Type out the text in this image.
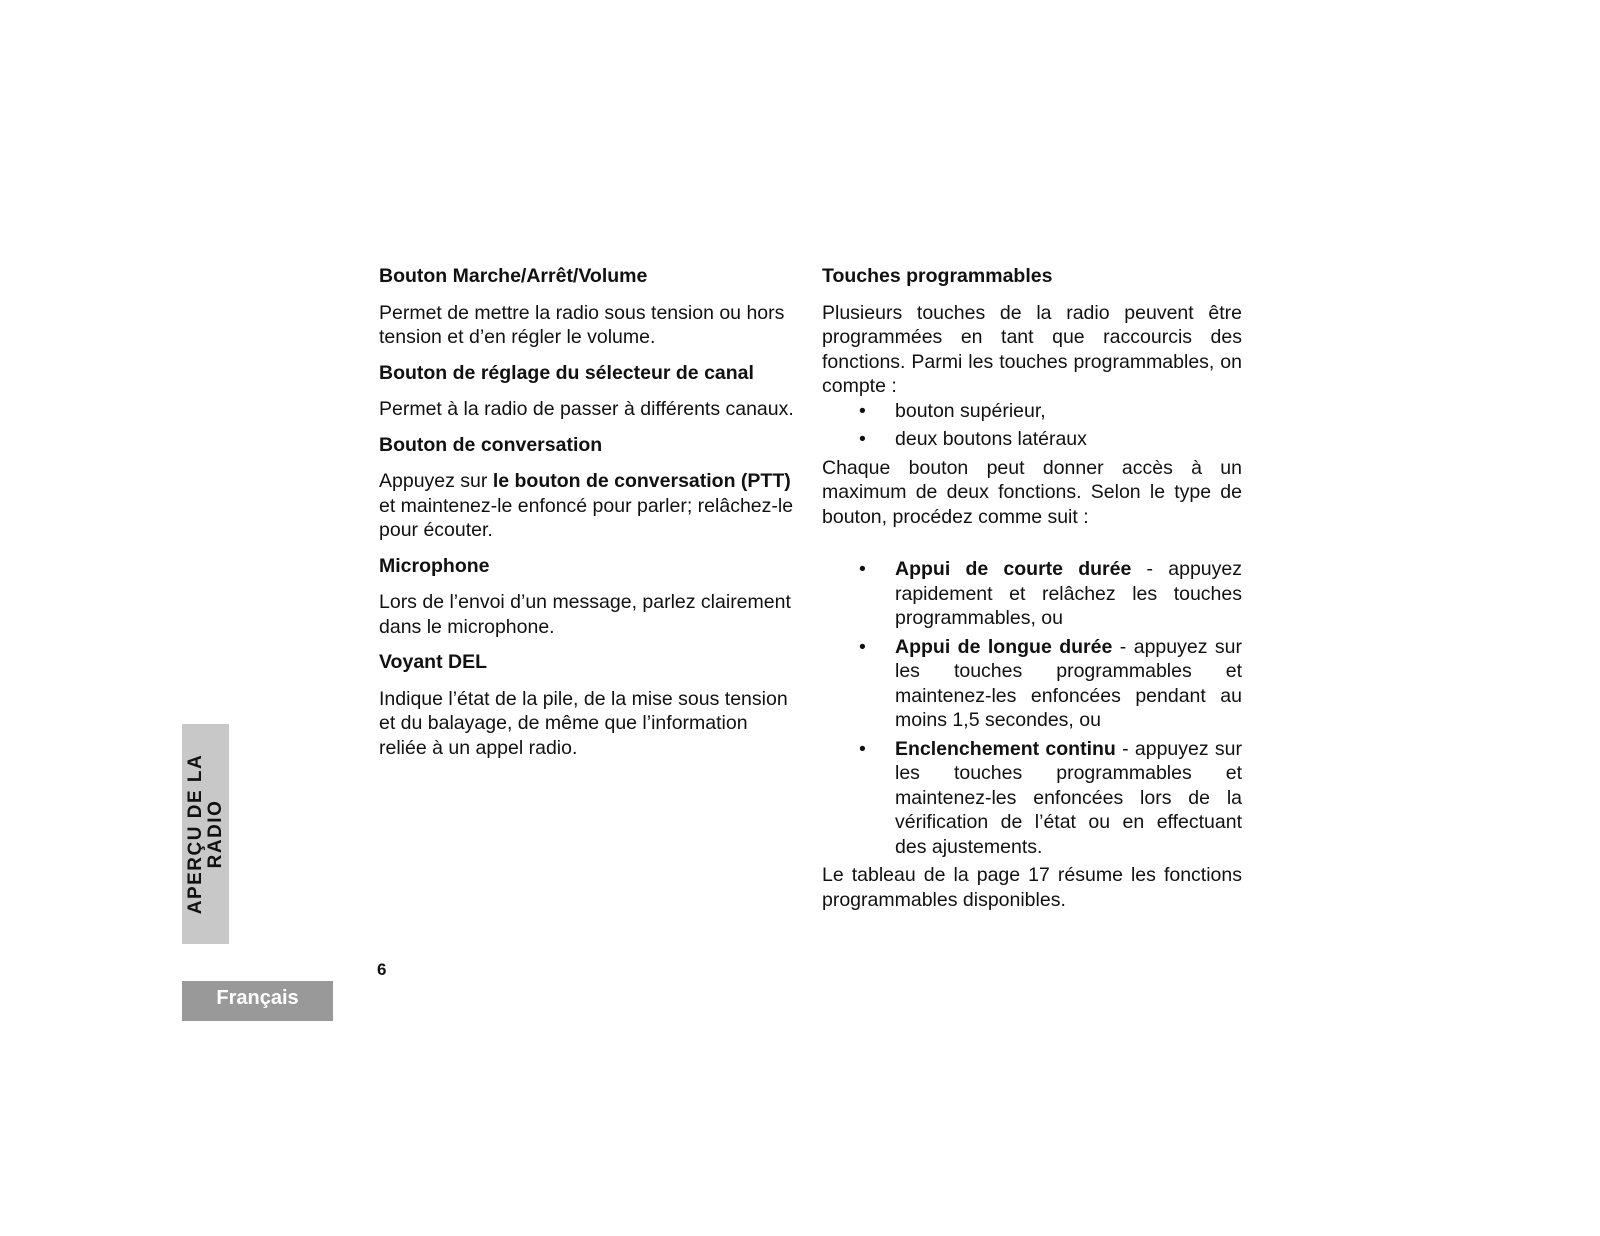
Bouton Marche/Arrêt/Volume

Permet de mettre la radio sous tension ou hors tension et d’en régler le volume.

Bouton de réglage du sélecteur de canal

Permet à la radio de passer à différents canaux.

Bouton de conversation

Appuyez sur le bouton de conversation (PTT) et maintenez-le enfoncé pour parler; relâchez-le pour écouter.

Microphone

Lors de l’envoi d’un message, parlez clairement dans le microphone.

Voyant DEL

Indique l’état de la pile, de la mise sous tension et du balayage, de même que l’information reliée à un appel radio.

Touches programmables

Plusieurs touches de la radio peuvent être programmées en tant que raccourcis des fonctions. Parmi les touches programmables, on compte :

• bouton supérieur,
• deux boutons latéraux

Chaque bouton peut donner accès à un maximum de deux fonctions. Selon le type de bouton, procédez comme suit :

• Appui de courte durée - appuyez rapidement et relâchez les touches programmables, ou
• Appui de longue durée - appuyez sur les touches programmables et maintenez-les enfoncées pendant au moins 1,5 secondes, ou
• Enclenchement continu - appuyez sur les touches programmables et maintenez-les enfoncées lors de la vérification de l’état ou en effectuant des ajustements.

Le tableau de la page 17 résume les fonctions programmables disponibles.

APERÇU DE LA RADIO
6
Français
